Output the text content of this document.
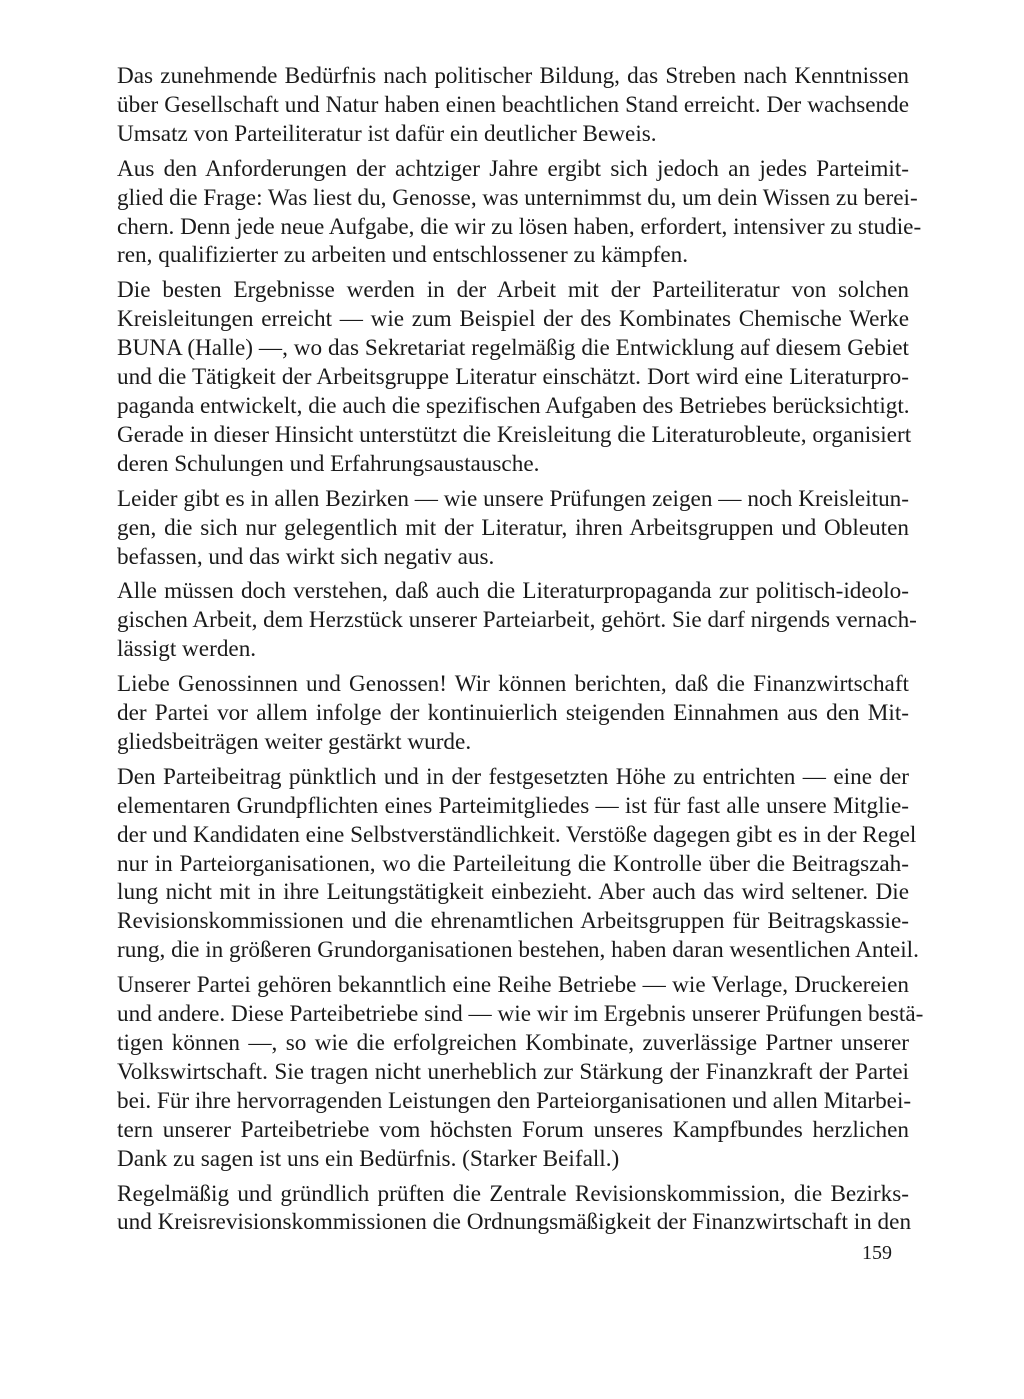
Das zunehmende Bedürfnis nach politischer Bildung, das Streben nach Kenntnissen
über Gesellschaft und Natur haben einen beachtlichen Stand erreicht. Der wachsende
Umsatz von Parteiliteratur ist dafür ein deutlicher Beweis.

Aus den Anforderungen der achtziger Jahre ergibt sich jedoch an jedes Parteimit-
glied die Frage: Was liest du, Genosse, was unternimmst du, um dein Wissen zu berei-
chern. Denn jede neue Aufgabe, die wir zu lösen haben, erfordert, intensiver zu studie-
ren, qualifizierter zu arbeiten und entschlossener zu kämpfen.

Die besten Ergebnisse werden in der Arbeit mit der Parteiliteratur von solchen
Kreisleitungen erreicht — wie zum Beispiel der des Kombinates Chemische Werke
BUNA (Halle) —, wo das Sekretariat regelmäßig die Entwicklung auf diesem Gebiet
und die Tätigkeit der Arbeitsgruppe Literatur einschätzt. Dort wird eine Literaturpro-
paganda entwickelt, die auch die spezifischen Aufgaben des Betriebes berücksichtigt.
Gerade in dieser Hinsicht unterstützt die Kreisleitung die Literaturobleute, organisiert
deren Schulungen und Erfahrungsaustausche.

Leider gibt es in allen Bezirken — wie unsere Prüfungen zeigen — noch Kreisleitun-
gen, die sich nur gelegentlich mit der Literatur, ihren Arbeitsgruppen und Obleuten
befassen, und das wirkt sich negativ aus.

Alle müssen doch verstehen, daß auch die Literaturpropaganda zur politisch-ideolo-
gischen Arbeit, dem Herzstück unserer Parteiarbeit, gehört. Sie darf nirgends vernach-
lässigt werden.

Liebe Genossinnen und Genossen! Wir können berichten, daß die Finanzwirtschaft
der Partei vor allem infolge der kontinuierlich steigenden Einnahmen aus den Mit-
gliedsbeiträgen weiter gestärkt wurde.

Den Parteibeitrag pünktlich und in der festgesetzten Höhe zu entrichten — eine der
elementaren Grundpflichten eines Parteimitgliedes — ist für fast alle unsere Mitglie-
der und Kandidaten eine Selbstverständlichkeit. Verstöße dagegen gibt es in der Regel
nur in Parteiorganisationen, wo die Parteileitung die Kontrolle über die Beitragszah-
lung nicht mit in ihre Leitungstätigkeit einbezieht. Aber auch das wird seltener. Die
Revisionskommissionen und die ehrenamtlichen Arbeitsgruppen für Beitragskassie-
rung, die in größeren Grundorganisationen bestehen, haben daran wesentlichen Anteil.

Unserer Partei gehören bekanntlich eine Reihe Betriebe — wie Verlage, Druckereien
und andere. Diese Parteibetriebe sind — wie wir im Ergebnis unserer Prüfungen bestä-
tigen können —, so wie die erfolgreichen Kombinate, zuverlässige Partner unserer
Volkswirtschaft. Sie tragen nicht unerheblich zur Stärkung der Finanzkraft der Partei
bei. Für ihre hervorragenden Leistungen den Parteiorganisationen und allen Mitarbei-
tern unserer Parteibetriebe vom höchsten Forum unseres Kampfbundes herzlichen
Dank zu sagen ist uns ein Bedürfnis. (Starker Beifall.)

Regelmäßig und gründlich prüften die Zentrale Revisionskommission, die Bezirks-
und Kreisrevisionskommissionen die Ordnungsmäßigkeit der Finanzwirtschaft in den

159
